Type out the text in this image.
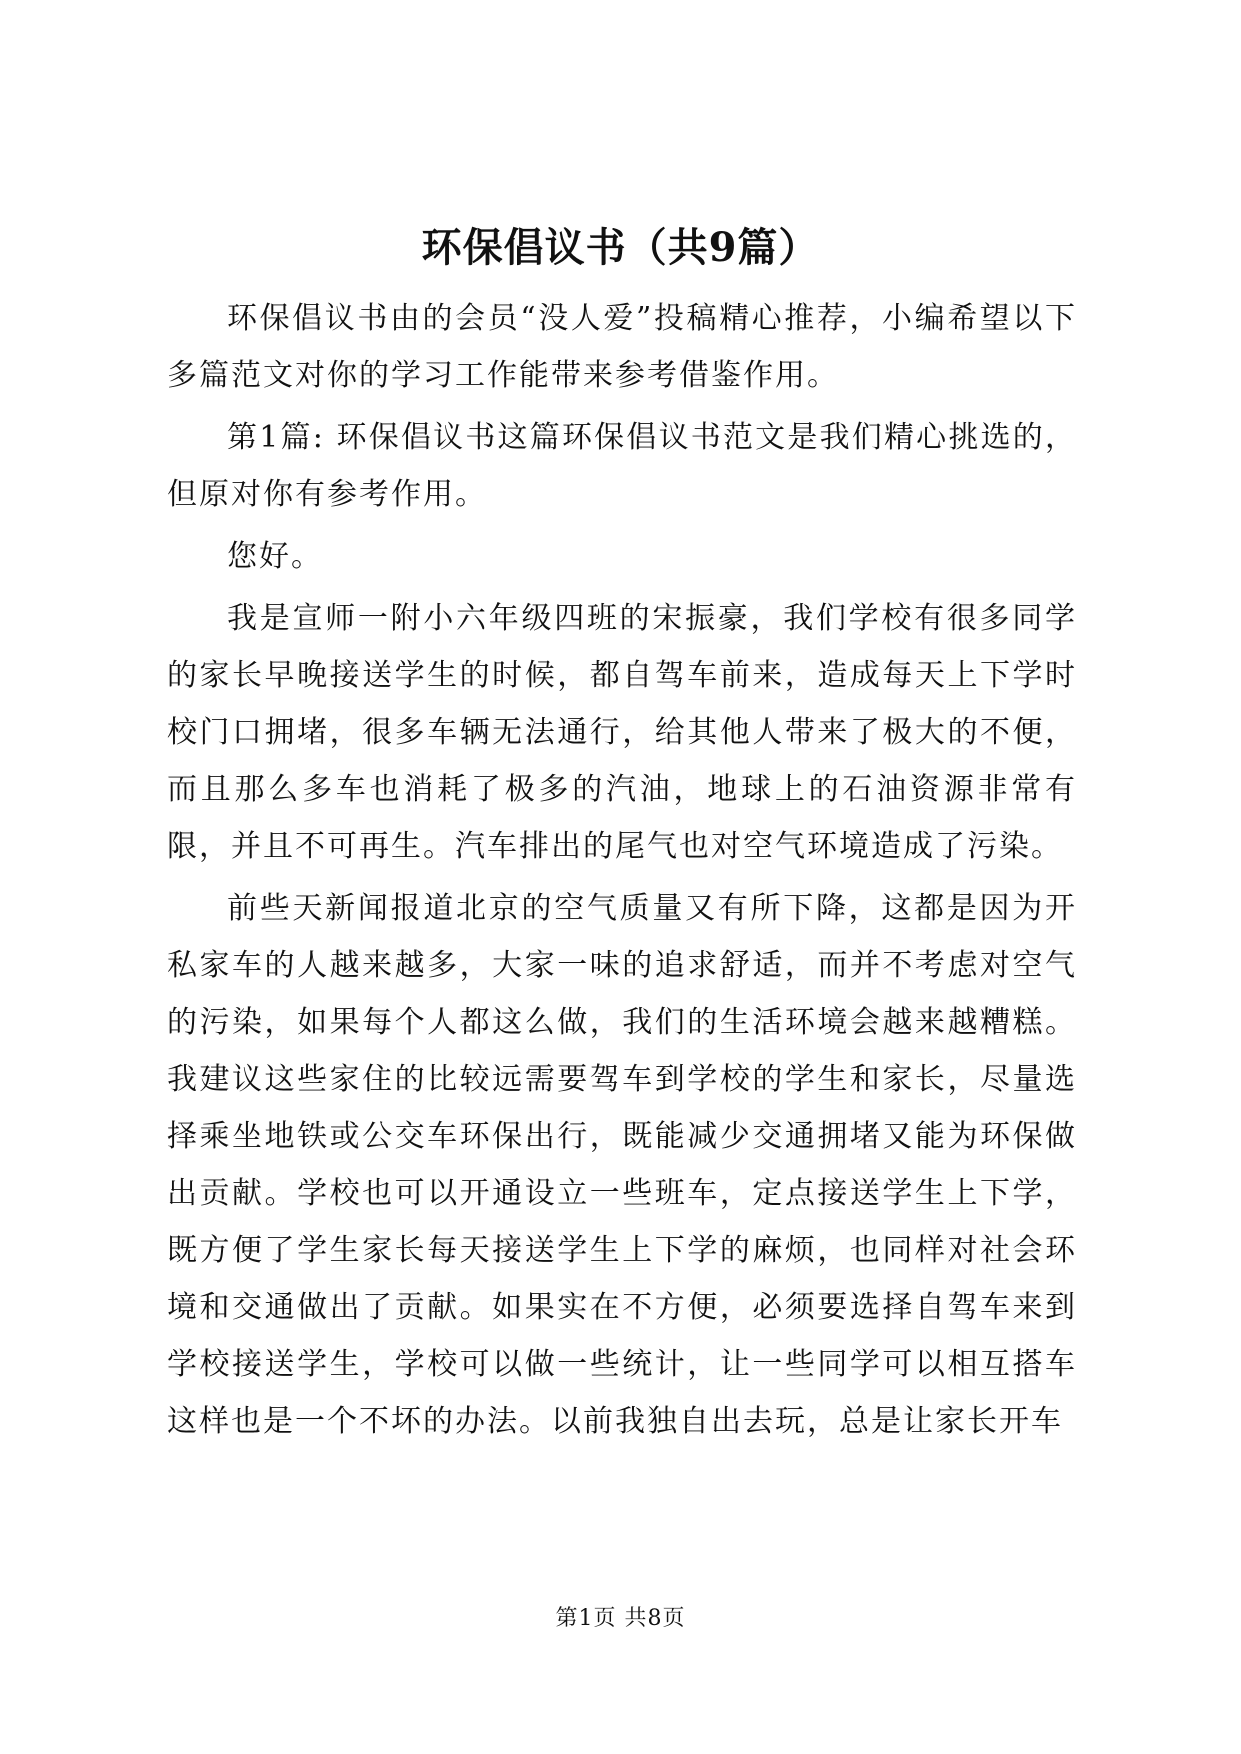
环保倡议书（共9篇）

环保倡议书由的会员“没人爱”投稿精心推荐，小编希望以下多篇范文对你的学习工作能带来参考借鉴作用。

第1篇: 环保倡议书这篇环保倡议书范文是我们精心挑选的，但原对你有参考作用。

您好。

我是宣师一附小六年级四班的宋振豪，我们学校有很多同学的家长早晚接送学生的时候，都自驾车前来，造成每天上下学时校门口拥堵，很多车辆无法通行，给其他人带来了极大的不便，而且那么多车也消耗了极多的汽油，地球上的石油资源非常有限，并且不可再生。汽车排出的尾气也对空气环境造成了污染。

前些天新闻报道北京的空气质量又有所下降，这都是因为开私家车的人越来越多，大家一味的追求舒适，而并不考虑对空气的污染，如果每个人都这么做，我们的生活环境会越来越糟糕。我建议这些家住的比较远需要驾车到学校的学生和家长，尽量选择乘坐地铁或公交车环保出行，既能减少交通拥堵又能为环保做出贡献。学校也可以开通设立一些班车，定点接送学生上下学，既方便了学生家长每天接送学生上下学的麻烦，也同样对社会环境和交通做出了贡献。如果实在不方便，必须要选择自驾车来到学校接送学生，学校可以做一些统计，让一些同学可以相互搭车这样也是一个不坏的办法。以前我独自出去玩，总是让家长开车

第1页 共8页
